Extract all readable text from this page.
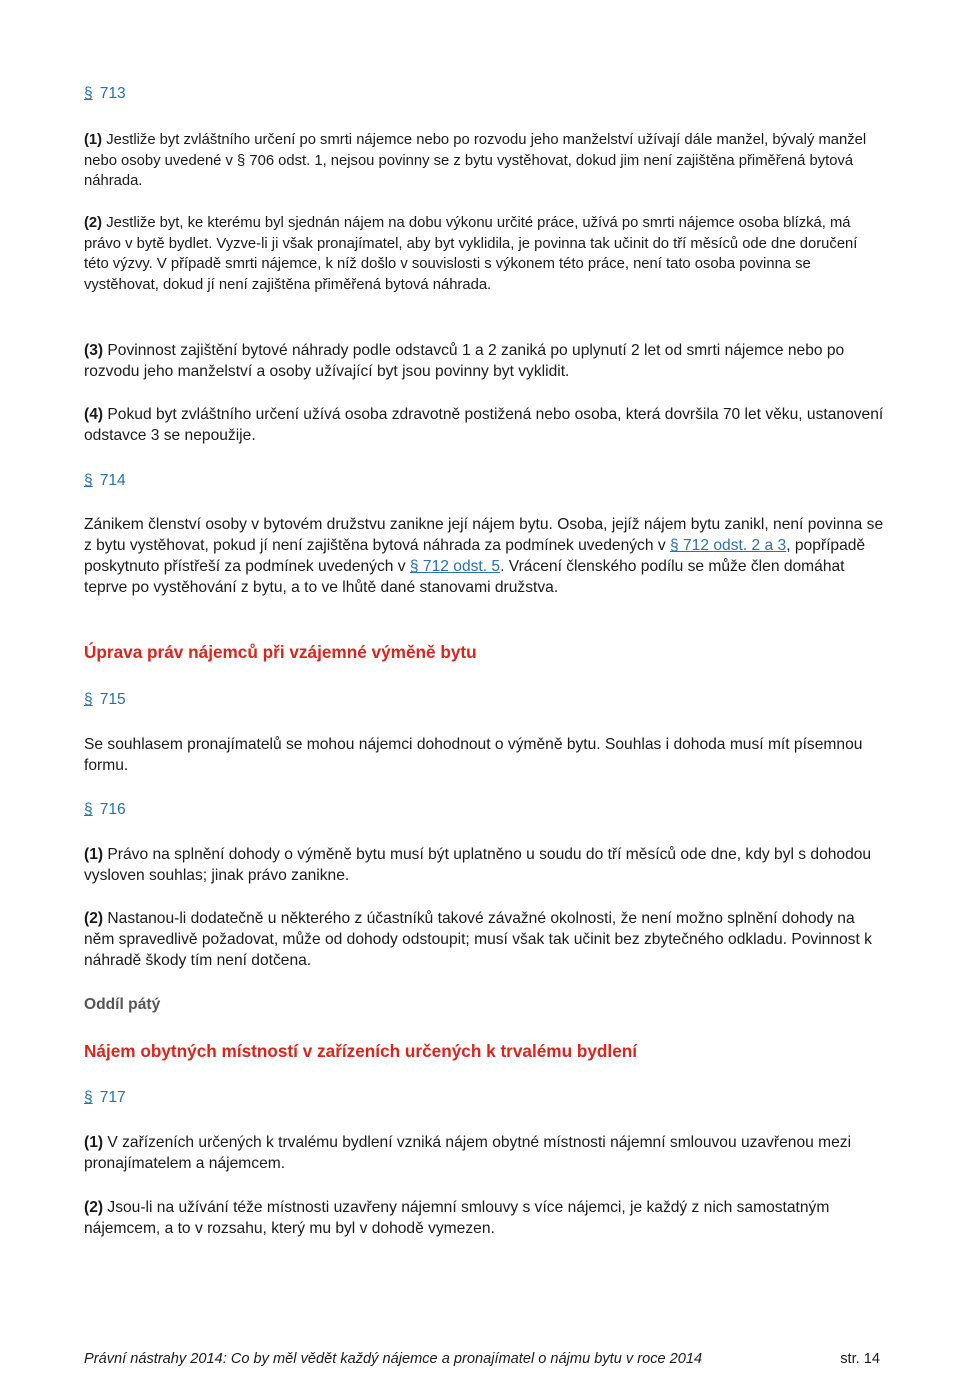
§ 713

(1) Jestliže byt zvláštního určení po smrti nájemce nebo po rozvodu jeho manželství užívají dále manžel, bývalý manžel nebo osoby uvedené v § 706 odst. 1, nejsou povinny se z bytu vystěhovat, dokud jim není zajištěna přiměřená bytová náhrada.

(2) Jestliže byt, ke kterému byl sjednán nájem na dobu výkonu určité práce, užívá po smrti nájemce osoba blízká, má právo v bytě bydlet. Vyzve-li ji však pronajímatel, aby byt vyklidila, je povinna tak učinit do tří měsíců ode dne doručení této výzvy. V případě smrti nájemce, k níž došlo v souvislosti s výkonem této práce, není tato osoba povinna se vystěhovat, dokud jí není zajištěna přiměřená bytová náhrada.

(3) Povinnost zajištění bytové náhrady podle odstavců 1 a 2 zaniká po uplynutí 2 let od smrti nájemce nebo po rozvodu jeho manželství a osoby užívající byt jsou povinny byt vyklidit.

(4) Pokud byt zvláštního určení užívá osoba zdravotně postižená nebo osoba, která dovršila 70 let věku, ustanovení odstavce 3 se nepoužije.

§ 714

Zánikem členství osoby v bytovém družstvu zanikne její nájem bytu. Osoba, jejíž nájem bytu zanikl, není povinna se z bytu vystěhovat, pokud jí není zajištěna bytová náhrada za podmínek uvedených v § 712 odst. 2 a 3, popřípadě poskytnuto přístřeší za podmínek uvedených v § 712 odst. 5. Vrácení členského podílu se může člen domáhat teprve po vystěhování z bytu, a to ve lhůtě dané stanovami družstva.

Úprava práv nájemců při vzájemné výměně bytu

§ 715

Se souhlasem pronajímatelů se mohou nájemci dohodnout o výměně bytu. Souhlas i dohoda musí mít písemnou formu.

§ 716

(1) Právo na splnění dohody o výměně bytu musí být uplatněno u soudu do tří měsíců ode dne, kdy byl s dohodou vysloven souhlas; jinak právo zanikne.

(2) Nastanou-li dodatečně u některého z účastníků takové závažné okolnosti, že není možno splnění dohody na něm spravedlivě požadovat, může od dohody odstoupit; musí však tak učinit bez zbytečného odkladu. Povinnost k náhradě škody tím není dotčena.

Oddíl pátý

Nájem obytných místností v zařízeních určených k trvalému bydlení

§ 717

(1) V zařízeních určených k trvalému bydlení vzniká nájem obytné místnosti nájemní smlouvou uzavřenou mezi pronajímatelem a nájemcem.

(2) Jsou-li na užívání téže místnosti uzavřeny nájemní smlouvy s více nájemci, je každý z nich samostatným nájemcem, a to v rozsahu, který mu byl v dohodě vymezen.

Právní nástrahy 2014: Co by měl vědět každý nájemce a pronajímatel o nájmu bytu v roce 2014	str. 14
